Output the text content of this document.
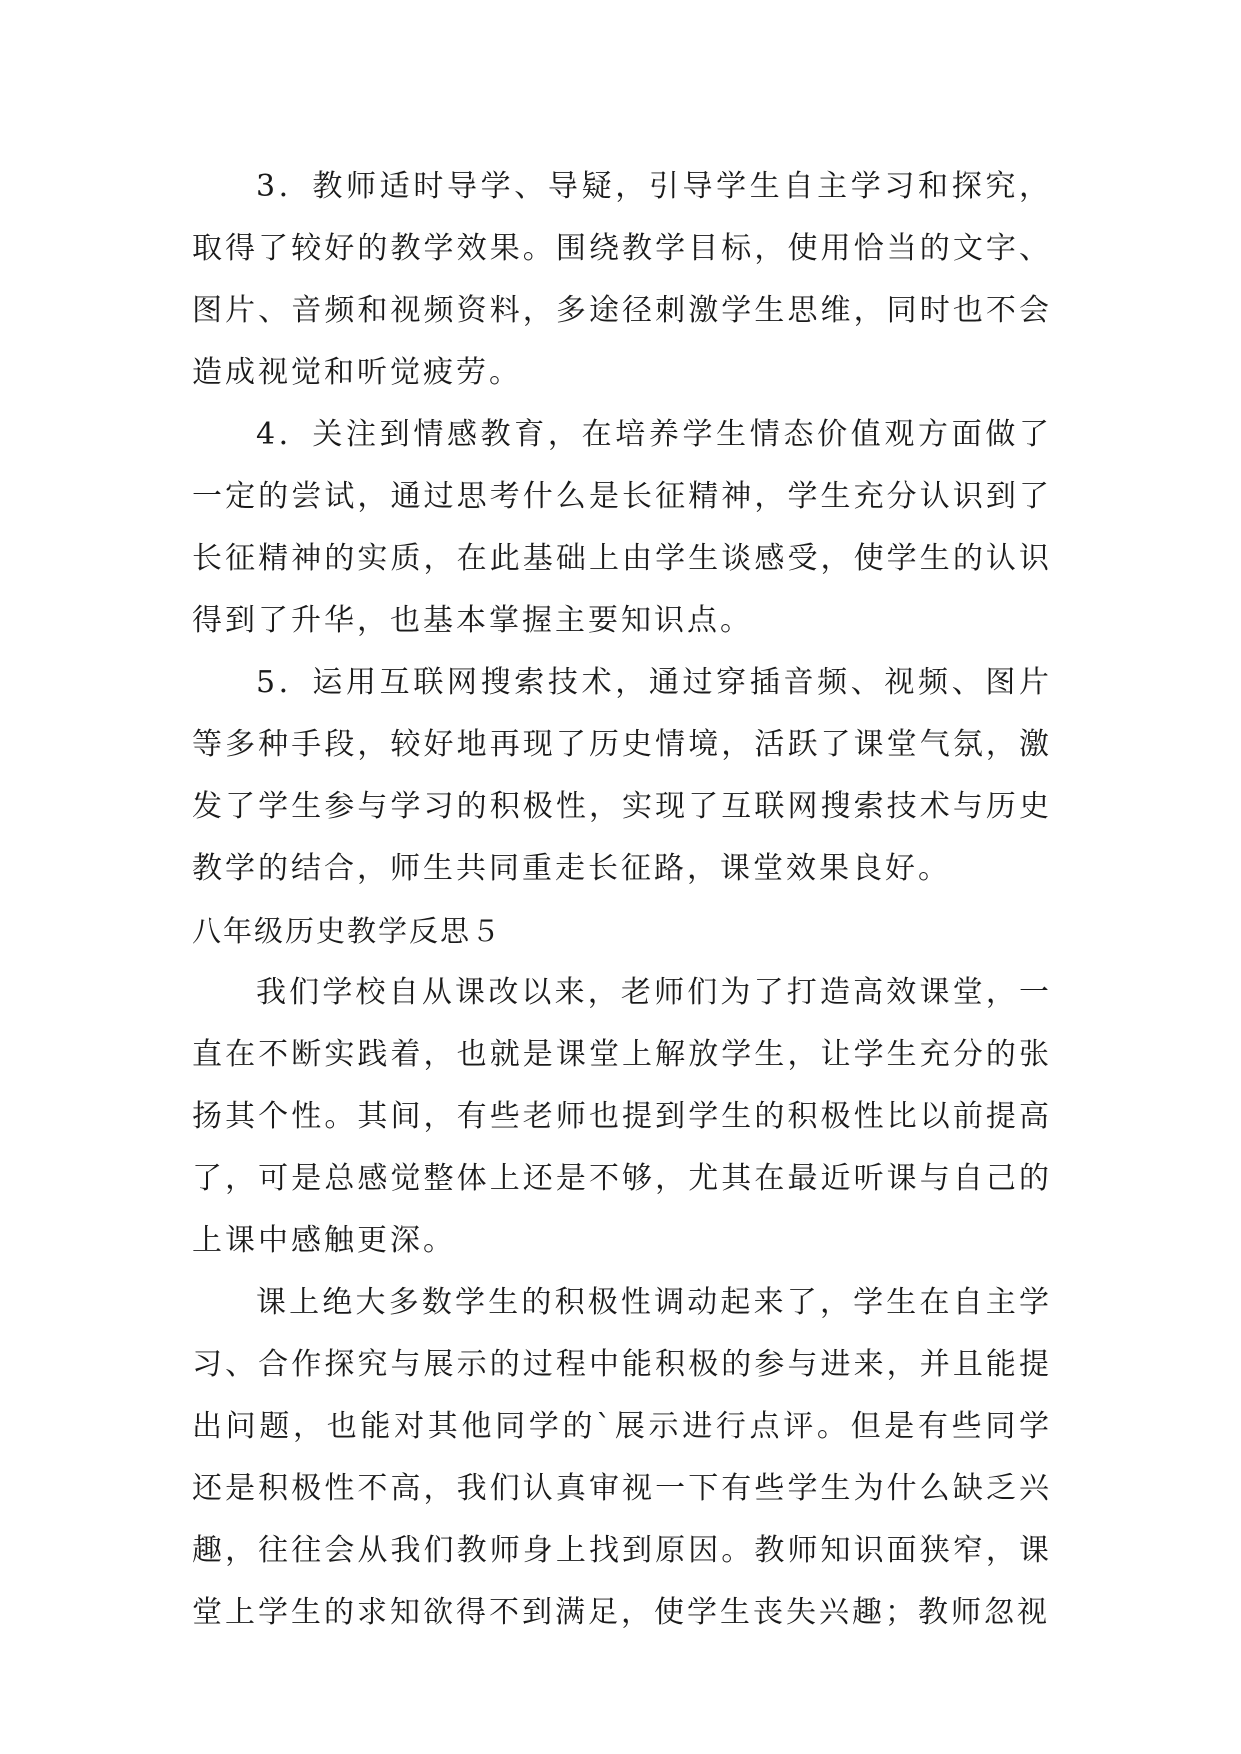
3．教师适时导学、导疑，引导学生自主学习和探究，取得了较好的教学效果。围绕教学目标，使用恰当的文字、图片、音频和视频资料，多途径刺激学生思维，同时也不会造成视觉和听觉疲劳。

4．关注到情感教育，在培养学生情态价值观方面做了一定的尝试，通过思考什么是长征精神，学生充分认识到了长征精神的实质，在此基础上由学生谈感受，使学生的认识得到了升华，也基本掌握主要知识点。

5．运用互联网搜索技术，通过穿插音频、视频、图片等多种手段，较好地再现了历史情境，活跃了课堂气氛，激发了学生参与学习的积极性，实现了互联网搜索技术与历史教学的结合，师生共同重走长征路，课堂效果良好。

八年级历史教学反思５

我们学校自从课改以来，老师们为了打造高效课堂，一直在不断实践着，也就是课堂上解放学生，让学生充分的张扬其个性。其间，有些老师也提到学生的积极性比以前提高了，可是总感觉整体上还是不够，尤其在最近听课与自己的上课中感触更深。

课上绝大多数学生的积极性调动起来了，学生在自主学习、合作探究与展示的过程中能积极的参与进来，并且能提出问题，也能对其他同学的`展示进行点评。但是有些同学还是积极性不高，我们认真审视一下有些学生为什么缺乏兴趣，往往会从我们教师身上找到原因。教师知识面狭窄，课堂上学生的求知欲得不到满足，使学生丧失兴趣；教师忽视
